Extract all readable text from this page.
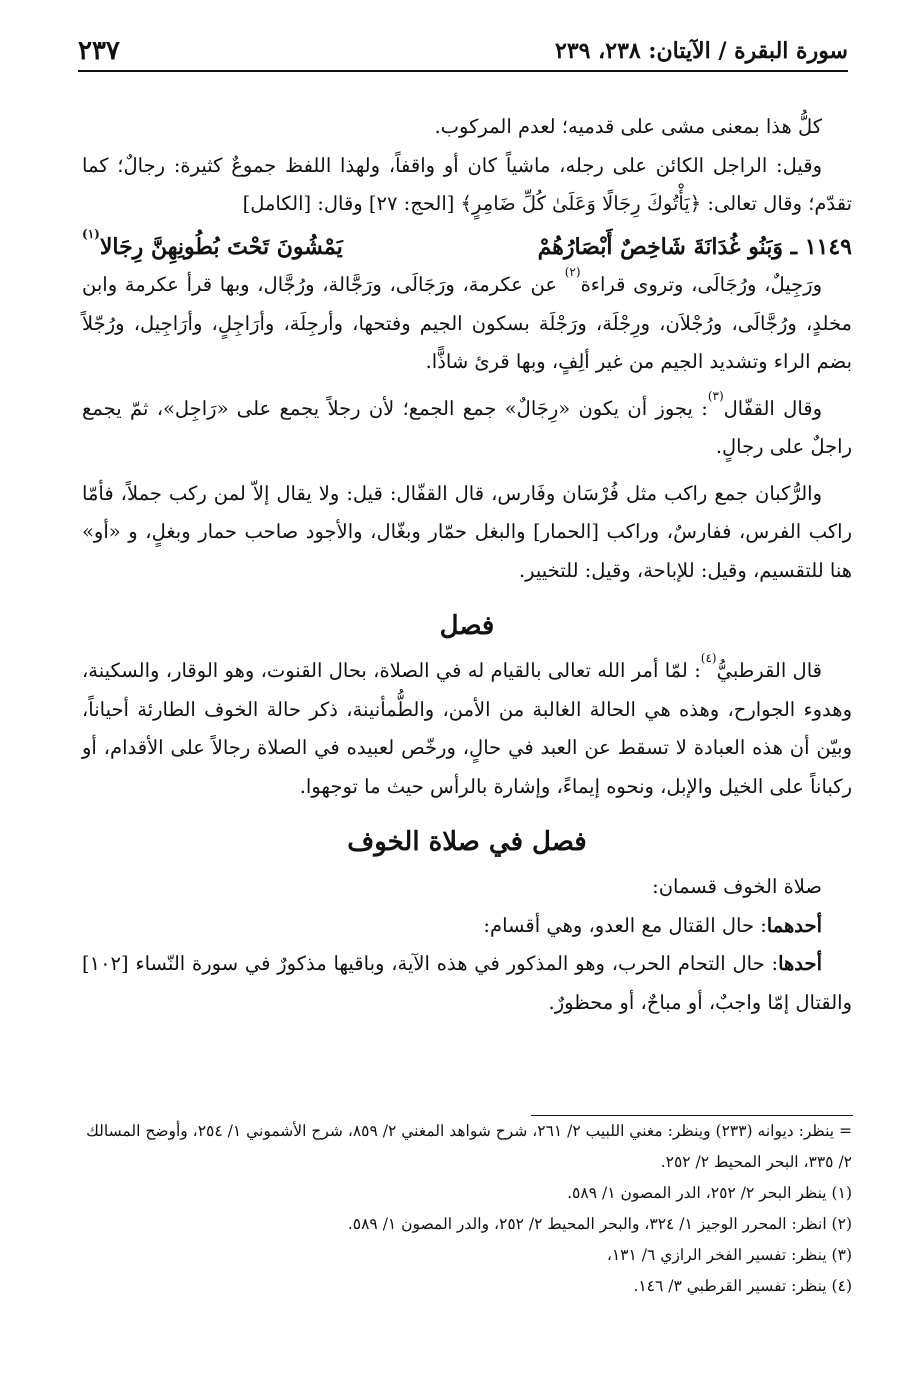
سورة البقرة / الآيتان: ٢٣٨، ٢٣٩
٢٣٧

كلُّ هذا بمعنى مشى على قدميه؛ لعدم المركوب.

وقيل: الراجل الكائن على رجله، ماشياً كان أو واقفاً، ولهذا اللفظ جموعٌ كثيرة: رجالٌ؛ كما تقدّم؛ وقال تعالى: ﴿يَأْتُوكَ رِجَالًا وَعَلَىٰ كُلِّ ضَامِرٍ﴾ [الحج: ٢٧] وقال: [الكامل]

١١٤٩ ـ وَبَنُو غُدَانَةَ شَاخِصٌ أَبْصَارُهُمْ
يَمْشُونَ تَحْتَ بُطُونِهِنَّ رِجَالا$^{(١)}$

ورَجِيلٌ، ورُجَالَى، وتروى قراءة$^{(٢)}$ عن عكرمة، ورَجَالَى، ورَجَّالة، ورُجَّال، وبها قرأ عكرمة وابن مخلدٍ، ورُجَّالَى، ورُجْلاَن، ورِجْلَة، ورَجْلَة بسكون الجيم وفتحها، وأرجِلَة، وأرَاجِلٍ، وأرَاجِيل، ورُجّلاً بضم الراء وتشديد الجيم من غير ألِفٍ، وبها قرئ شاذًّا.

وقال القفّال$^{(٣)}$: يجوز أن يكون «رِجَالٌ» جمع الجمع؛ لأن رجلاً يجمع على «رَاجِل»، ثمّ يجمع راجلٌ على رجالٍ.

والرُّكبان جمع راكب مثل فُرْسَان وفَارس، قال القفّال: قيل: ولا يقال إلاّ لمن ركب جملاً، فأمّا راكب الفرس، ففارسٌ، وراكب [الحمار] والبغل حمّار وبغّال، والأجود صاحب حمار وبغلٍ، و «أو» هنا للتقسيم، وقيل: للإباحة، وقيل: للتخيير.

فصل

قال القرطبيُّ$^{(٤)}$: لمّا أمر الله تعالى بالقيام له في الصلاة، بحال القنوت، وهو الوقار، والسكينة، وهدوء الجوارح، وهذه هي الحالة الغالبة من الأمن، والطُّمأنينة، ذكر حالة الخوف الطارئة أحياناً، وبيّن أن هذه العبادة لا تسقط عن العبد في حالٍ، ورخّص لعبيده في الصلاة رجالاً على الأقدام، أو ركباناً على الخيل والإبل، ونحوه إيماءً، وإشارة بالرأس حيث ما توجهوا.

فصل في صلاة الخوف

صلاة الخوف قسمان:

أحدهما: حال القتال مع العدو، وهي أقسام:

أحدها: حال التحام الحرب، وهو المذكور في هذه الآية، وباقيها مذكورٌ في سورة النّساء [١٠٢] والقتال إمّا واجبٌ، أو مباحٌ، أو محظورٌ.

= ينظر: ديوانه (٢٣٣) وينظر: مغني اللبيب ٢/ ٢٦١، شرح شواهد المغني ٢/ ٨٥٩، شرح الأشموني ١/ ٢٥٤، وأوضح المسالك ٢/ ٣٣٥، البحر المحيط ٢/ ٢٥٢.

(١) ينظر البحر ٢/ ٢٥٢، الدر المصون ١/ ٥٨٩.

(٢) انظر: المحرر الوجيز ١/ ٣٢٤، والبحر المحيط ٢/ ٢٥٢، والدر المصون ١/ ٥٨٩.

(٣) ينظر: تفسير الفخر الرازي ٦/ ١٣١،

(٤) ينظر: تفسير القرطبي ٣/ ١٤٦.
